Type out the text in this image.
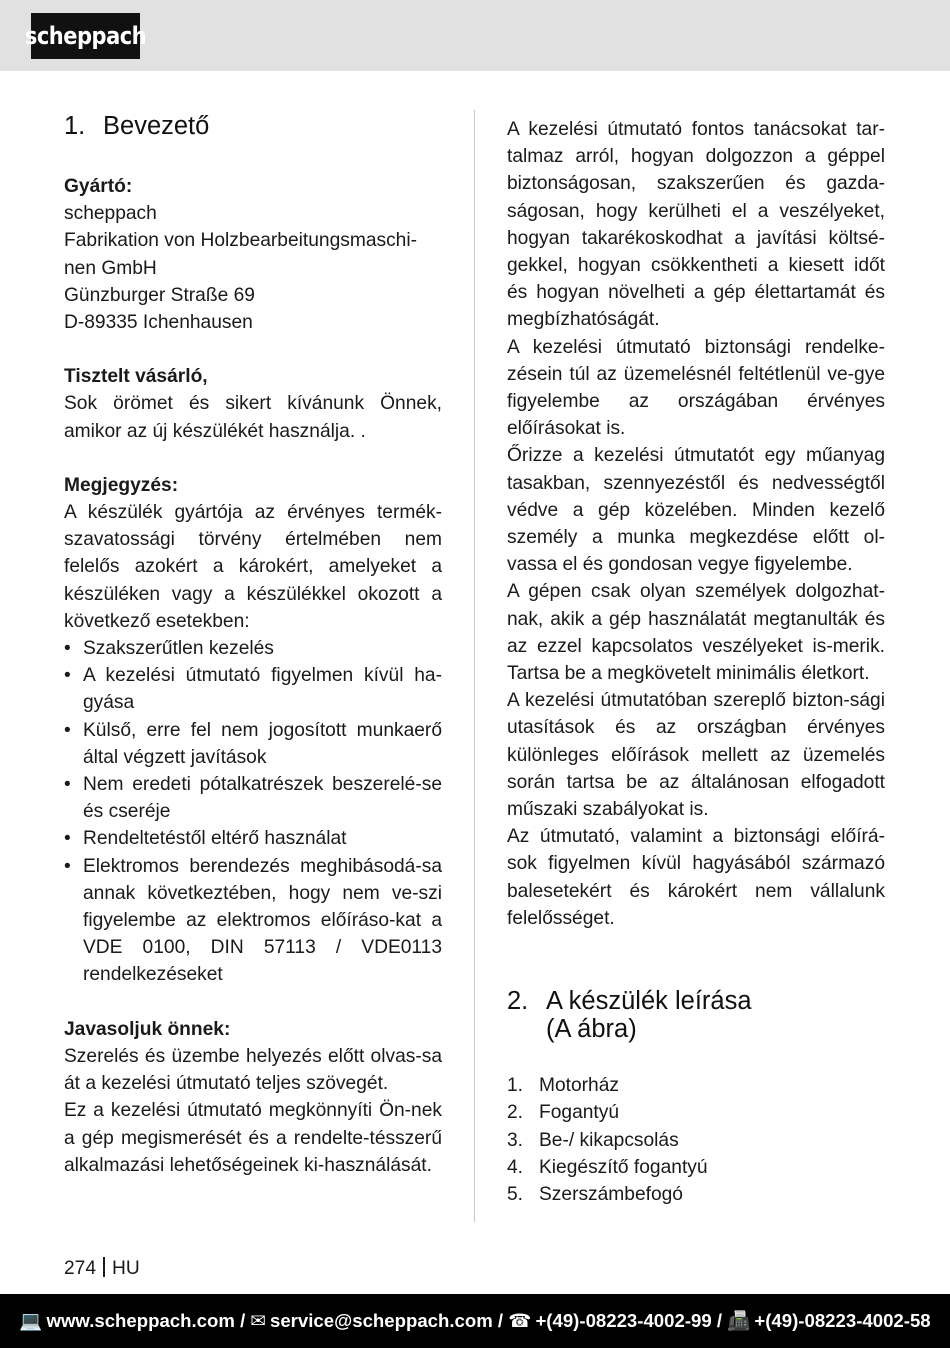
scheppach
1. Bevezető

Gyártó:

scheppach

Fabrikation von Holzbearbeitungsmaschi-

nen GmbH

Günzburger Straße 69

D-89335 Ichenhausen

Tisztelt vásárló,

Sok örömet és sikert kívánunk Önnek, amikor az új készülékét használja. .

Megjegyzés:

A készülék gyártója az érvényes termék-szavatossági törvény értelmében nem felelős azokért a károkért, amelyeket a készüléken vagy a készülékkel okozott a következő esetekben:

• Szakszerűtlen kezelés
• A kezelési útmutató figyelmen kívül ha-gyása
• Külső, erre fel nem jogosított munkaerő által végzett javítások
• Nem eredeti pótalkatrészek beszerelé-se és cseréje
• Rendeltetéstől eltérő használat
• Elektromos berendezés meghibásodá-sa annak következtében, hogy nem ve-szi figyelembe az elektromos előíráso-kat a VDE 0100, DIN 57113 / VDE0113 rendelkezéseket

Javasoljuk önnek:

Szerelés és üzembe helyezés előtt olvas-sa át a kezelési útmutató teljes szövegét.

Ez a kezelési útmutató megkönnyíti Ön-nek a gép megismerését és a rendelte-tésszerű alkalmazási lehetőségeinek ki-használását.

A kezelési útmutató fontos tanácsokat tar-talmaz arról, hogyan dolgozzon a géppel biztonságosan, szakszerűen és gazda-ságosan, hogy kerülheti el a veszélyeket, hogyan takarékoskodhat a javítási költsé-gekkel, hogyan csökkentheti a kiesett időt és hogyan növelheti a gép élettartamát és megbízhatóságát.

A kezelési útmutató biztonsági rendelke-zésein túl az üzemelésnél feltétlenül ve-gye figyelembe az országában érvényes előírásokat is.

Őrizze a kezelési útmutatót egy műanyag tasakban, szennyezéstől és nedvességtől védve a gép közelében. Minden kezelő személy a munka megkezdése előtt ol-vassa el és gondosan vegye figyelembe.

A gépen csak olyan személyek dolgozhat-nak, akik a gép használatát megtanulták és az ezzel kapcsolatos veszélyeket is-merik. Tartsa be a megkövetelt minimális életkort.

A kezelési útmutatóban szereplő bizton-sági utasítások és az országban érvényes különleges előírások mellett az üzemelés során tartsa be az általánosan elfogadott műszaki szabályokat is.

Az útmutató, valamint a biztonsági előírá-sok figyelmen kívül hagyásából származó balesetekért és károkért nem vállalunk felelősséget.

2. A készülék leírása
(A ábra)
1. Motorház
2. Fogantyú
3. Be-/ kikapcsolás
4. Kiegészítő fogantyú
5. Szerszámbefogó
274 HU
💻 www.scheppach.com /
✉ service@scheppach.com /
☎ +(49)-08223-4002-99 /
📠 +(49)-08223-4002-58
